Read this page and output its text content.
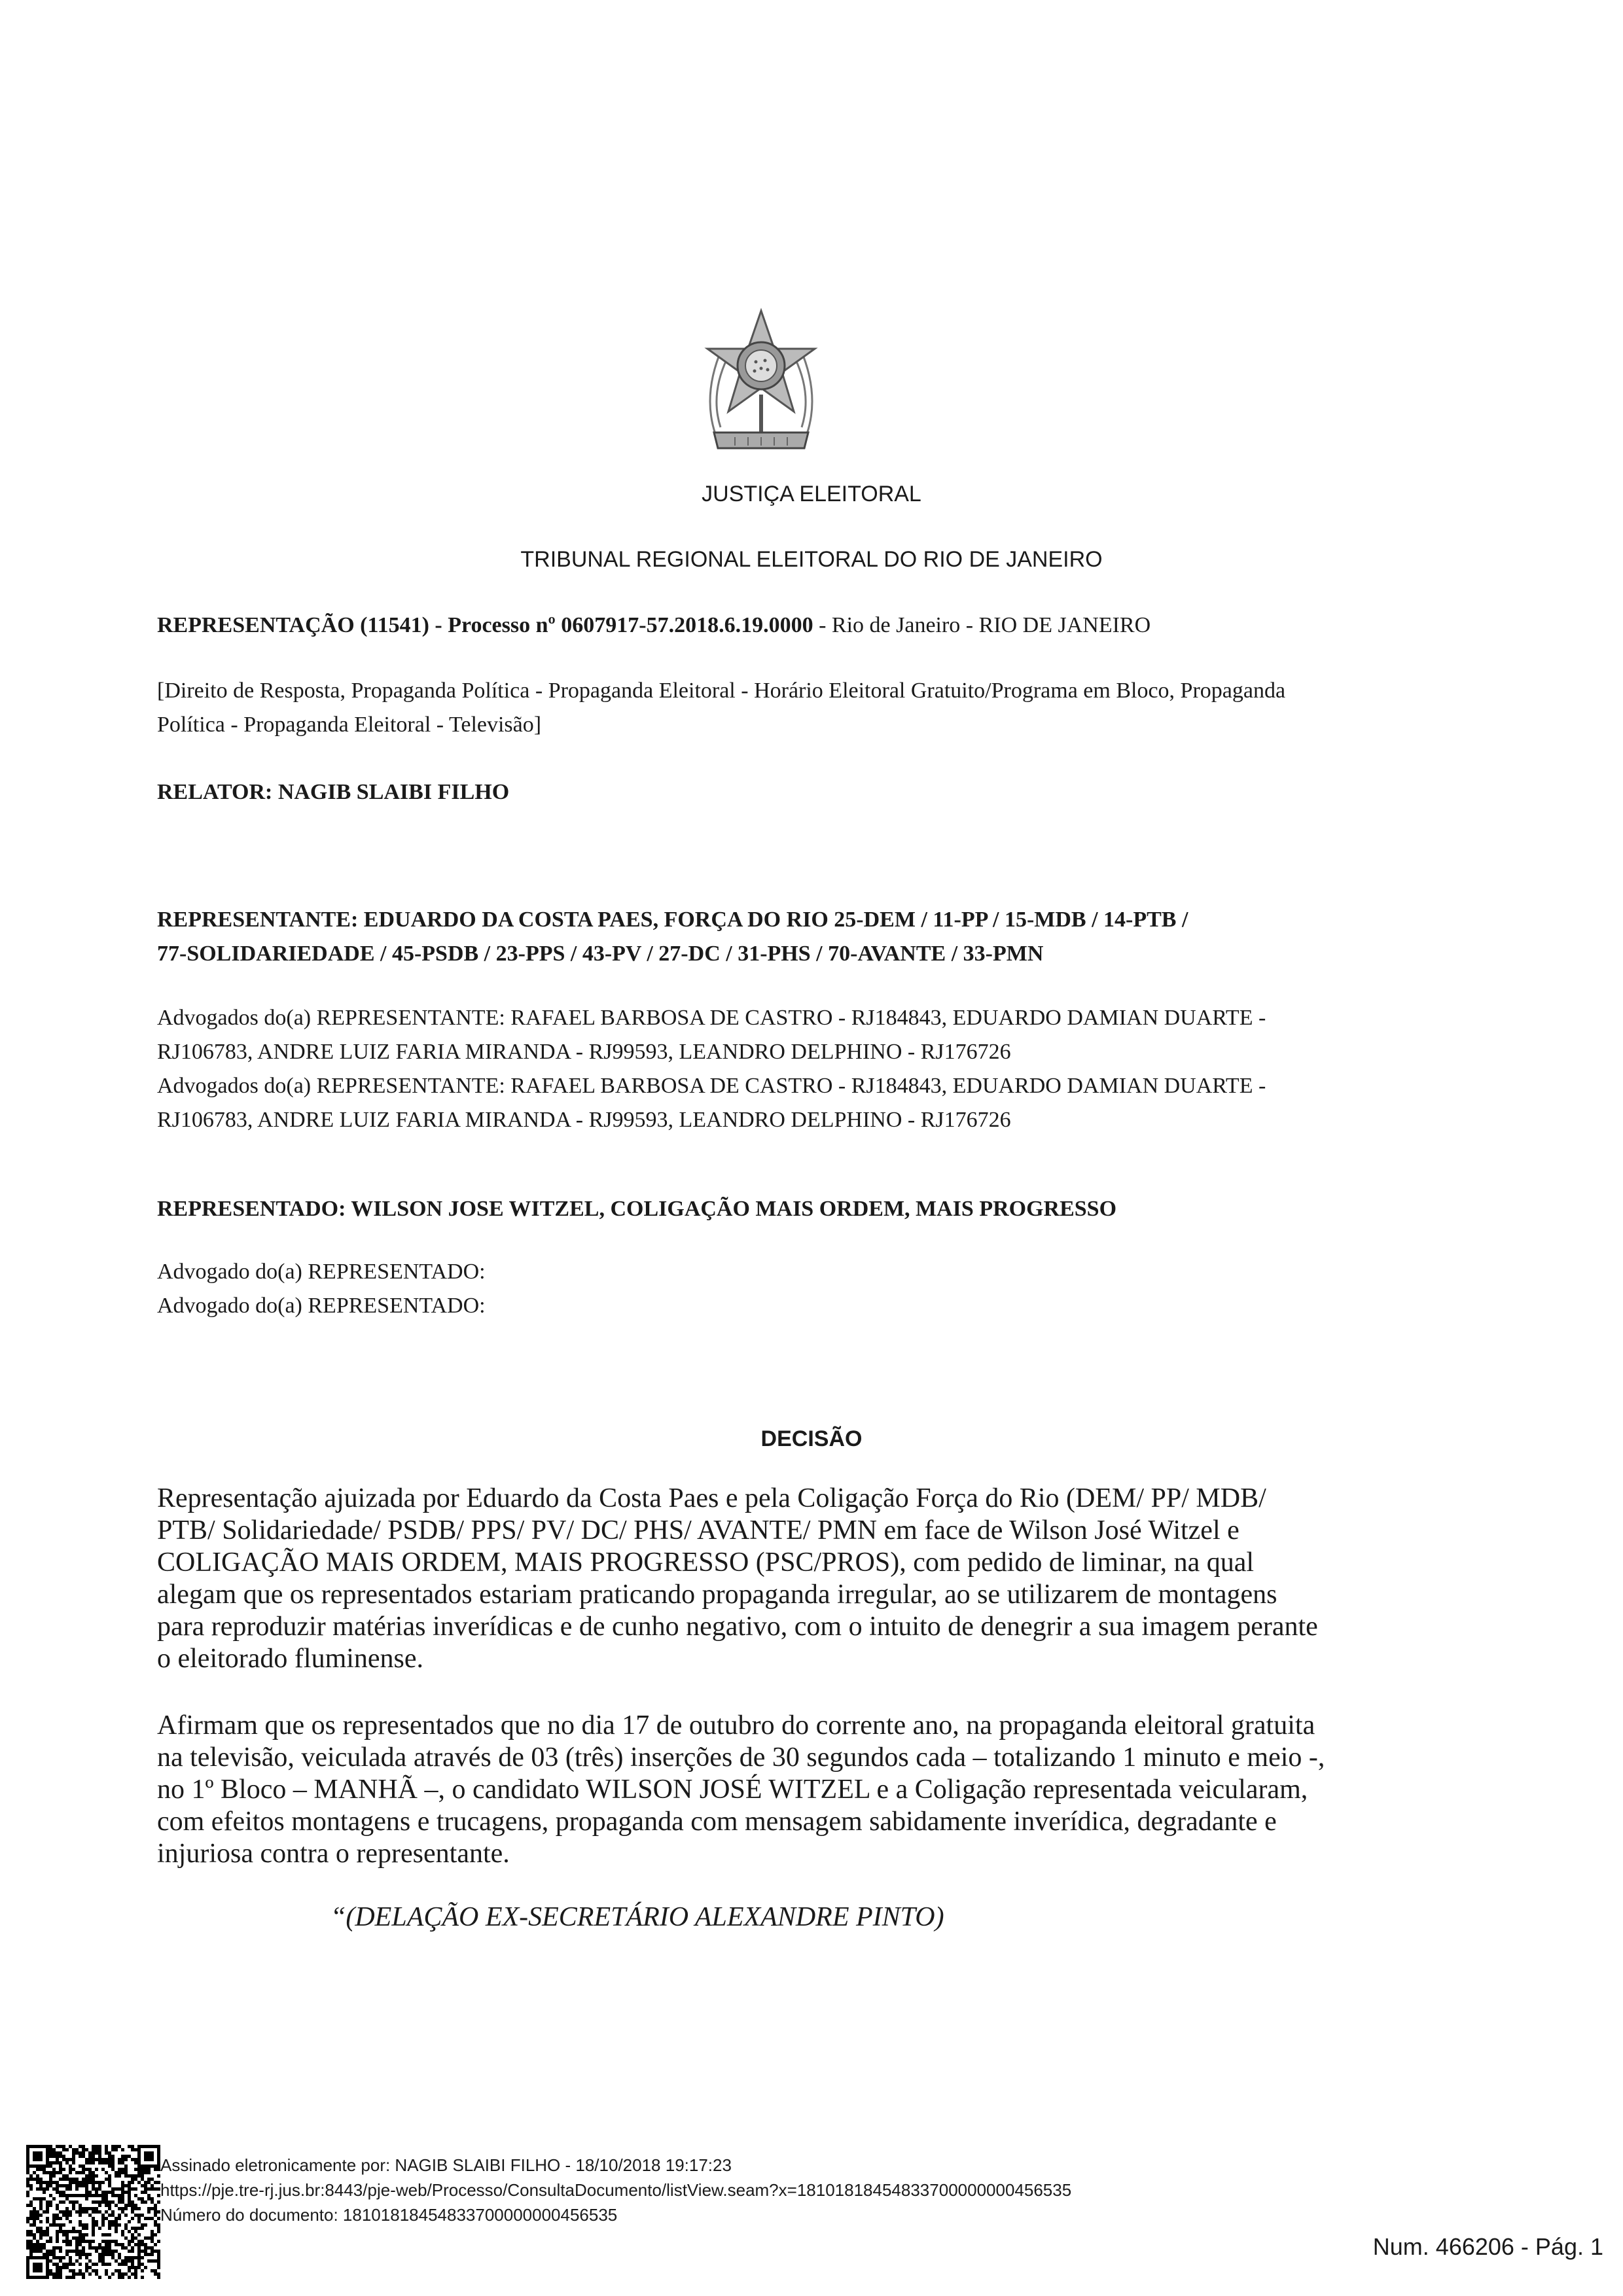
JUSTIÇA ELEITORAL
TRIBUNAL REGIONAL ELEITORAL DO RIO DE JANEIRO
REPRESENTAÇÃO (11541) - Processo nº 0607917-57.2018.6.19.0000 - Rio de Janeiro - RIO DE JANEIRO
[Direito de Resposta, Propaganda Política - Propaganda Eleitoral - Horário Eleitoral Gratuito/Programa em Bloco, Propaganda
Política - Propaganda Eleitoral - Televisão]
RELATOR: NAGIB SLAIBI FILHO
REPRESENTANTE: EDUARDO DA COSTA PAES, FORÇA DO RIO 25-DEM / 11-PP / 15-MDB / 14-PTB /
77-SOLIDARIEDADE / 45-PSDB / 23-PPS / 43-PV / 27-DC / 31-PHS / 70-AVANTE / 33-PMN
Advogados do(a) REPRESENTANTE: RAFAEL BARBOSA DE CASTRO - RJ184843, EDUARDO DAMIAN DUARTE -
RJ106783, ANDRE LUIZ FARIA MIRANDA - RJ99593, LEANDRO DELPHINO - RJ176726
Advogados do(a) REPRESENTANTE: RAFAEL BARBOSA DE CASTRO - RJ184843, EDUARDO DAMIAN DUARTE -
RJ106783, ANDRE LUIZ FARIA MIRANDA - RJ99593, LEANDRO DELPHINO - RJ176726
REPRESENTADO: WILSON JOSE WITZEL, COLIGAÇÃO MAIS ORDEM, MAIS PROGRESSO
Advogado do(a) REPRESENTADO:
Advogado do(a) REPRESENTADO:
DECISÃO
Representação ajuizada por Eduardo da Costa Paes e pela Coligação Força do Rio (DEM/ PP/ MDB/
PTB/ Solidariedade/ PSDB/ PPS/ PV/ DC/ PHS/ AVANTE/ PMN em face de Wilson José Witzel e
COLIGAÇÃO MAIS ORDEM, MAIS PROGRESSO (PSC/PROS), com pedido de liminar, na qual
alegam que os representados estariam praticando propaganda irregular, ao se utilizarem de montagens
para reproduzir matérias inverídicas e de cunho negativo, com o intuito de denegrir a sua imagem perante
o eleitorado fluminense.
Afirmam que os representados que no dia 17 de outubro do corrente ano, na propaganda eleitoral gratuita
na televisão, veiculada através de 03 (três) inserções de 30 segundos cada – totalizando 1 minuto e meio -,
no 1º Bloco – MANHÃ –, o candidato WILSON JOSÉ WITZEL e a Coligação representada veicularam,
com efeitos montagens e trucagens, propaganda com mensagem sabidamente inverídica, degradante e
injuriosa contra o representante.
“(DELAÇÃO EX-SECRETÁRIO ALEXANDRE PINTO)
Assinado eletronicamente por: NAGIB SLAIBI FILHO - 18/10/2018 19:17:23
https://pje.tre-rj.jus.br:8443/pje-web/Processo/ConsultaDocumento/listView.seam?x=18101818454833700000000456535
Número do documento: 18101818454833700000000456535
Num. 466206 - Pág. 1
